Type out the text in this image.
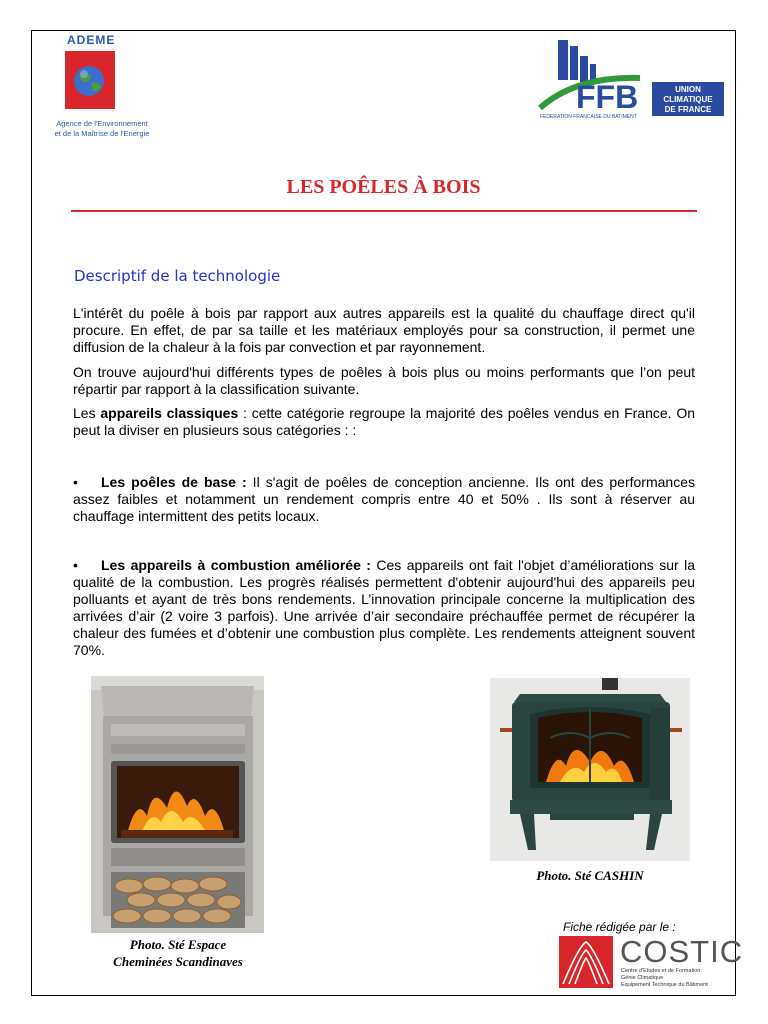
ADEME
Agence de l'Environnement
et de la Maîtrise de l'Energie
FFB
FEDERATION FRANCAISE DU BATIMENT
UNION
CLIMATIQUE
DE FRANCE
LES POÊLES À BOIS
Descriptif de la technologie
L'intérêt du poêle à bois par rapport aux autres appareils est la qualité du chauffage direct qu'il procure. En effet, de par sa taille et les matériaux employés pour sa construction, il permet une diffusion de la chaleur à la fois par convection et par rayonnement.
On trouve aujourd'hui différents types de poêles à bois plus ou moins performants que l’on peut répartir par rapport à la classification suivante.
Les appareils classiques : cette catégorie regroupe la majorité des poêles vendus en France. On peut la diviser en plusieurs sous catégories : :
• Les poêles de base : Il s'agit de poêles de conception ancienne. Ils ont des performances assez faibles et notamment un rendement compris entre 40 et 50% . Ils sont à réserver au chauffage intermittent des petits locaux.
• Les appareils à combustion améliorée : Ces appareils ont fait l'objet d’améliorations sur la qualité de la combustion. Les progrès réalisés permettent d'obtenir aujourd'hui des appareils peu polluants et ayant de très bons rendements. L’innovation principale concerne la multiplication des arrivées d’air (2 voire 3 parfois). Une arrivée d’air secondaire préchauffée permet de récupérer la chaleur des fumées et d’obtenir une combustion plus complète. Les rendements atteignent souvent 70%.
Photo. Sté Espace
Cheminées Scandinaves
Photo. Sté CASHIN
Fiche rédigée par le :
COSTIC
Centre d'Etudes et de Formation
Génie Climatique
Equipement Technique du Bâtiment
